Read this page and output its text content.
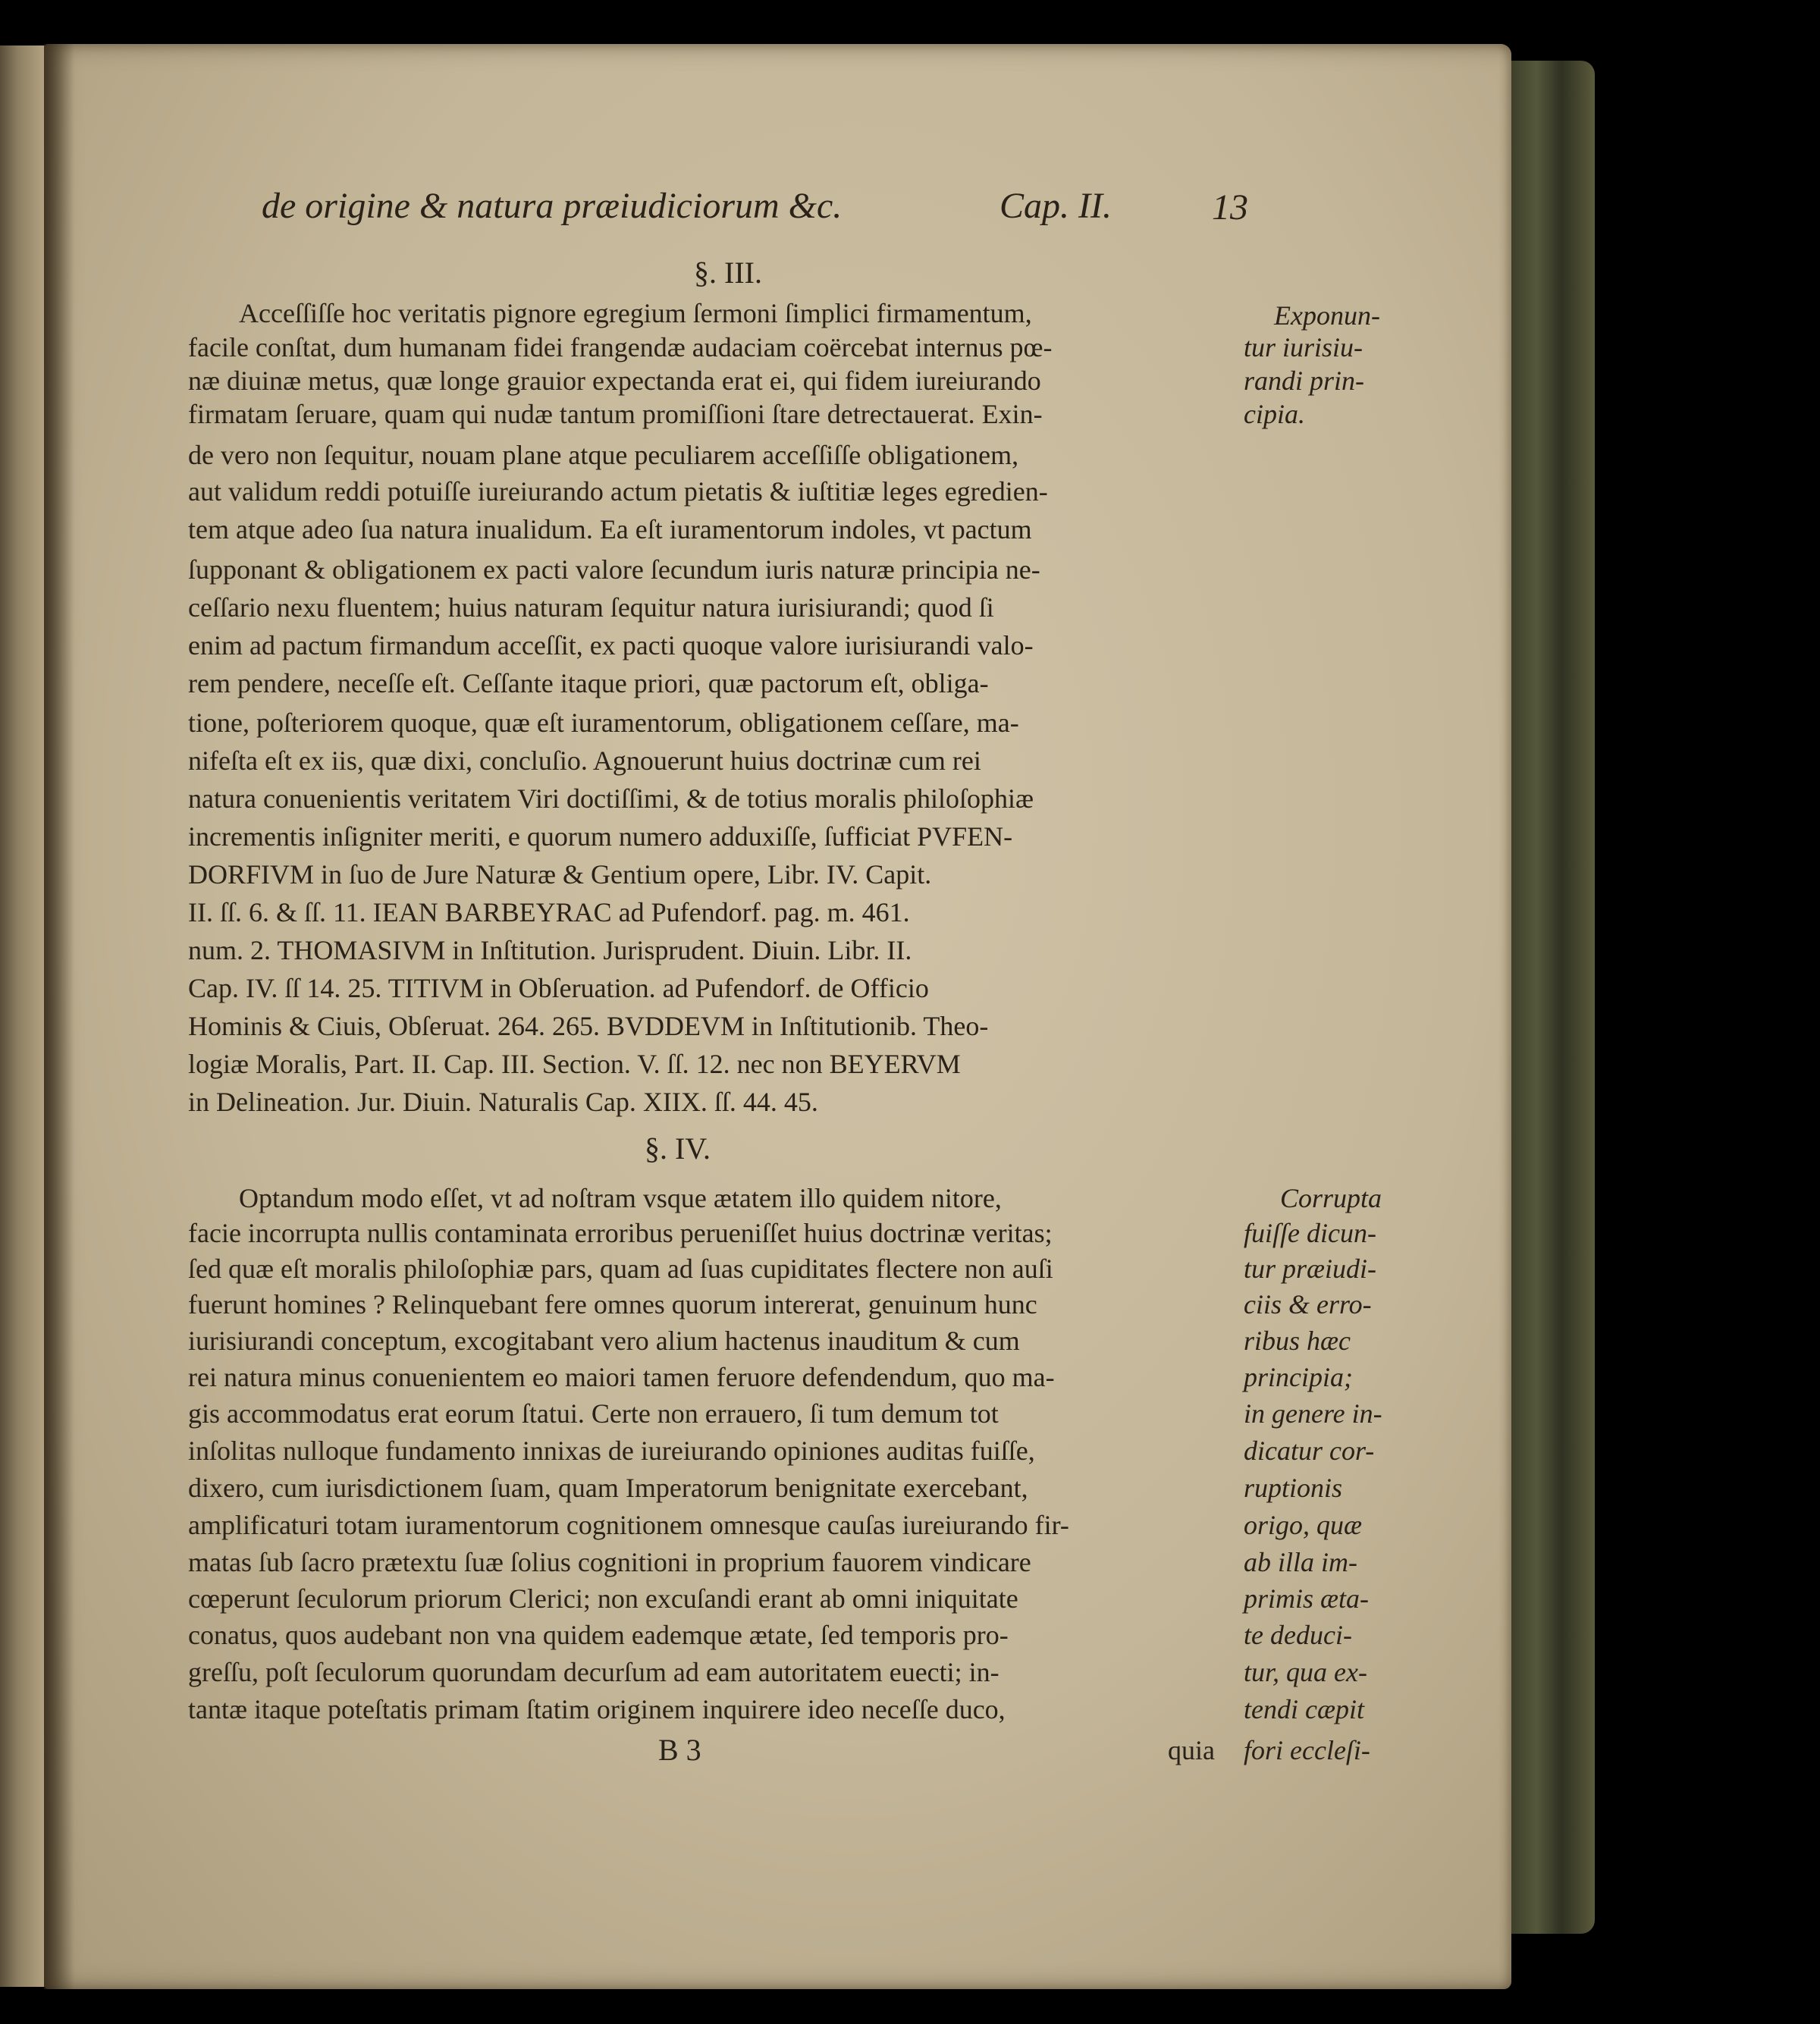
de origine & natura præiudiciorum &c.	Cap. II.	13
§. III.
Acceſſiſſe hoc veritatis pignore egregium ſermoni ſimplici firmamentum,
facile conſtat, dum humanam fidei frangendæ audaciam coërcebat internus pœ-
næ diuinæ metus, quæ longe grauior expectanda erat ei, qui fidem iureiurando
firmatam ſeruare, quam qui nudæ tantum promiſſioni ſtare detrectauerat. Exin-
de vero non ſequitur, nouam plane atque peculiarem acceſſiſſe obligationem,
aut validum reddi potuiſſe iureiurando actum pietatis & iuſtitiæ leges egredien-
tem atque adeo ſua natura inualidum. Ea eſt iuramentorum indoles, vt pactum
ſupponant & obligationem ex pacti valore ſecundum iuris naturæ principia ne-
ceſſario nexu fluentem; huius naturam ſequitur natura iurisiurandi; quod ſi
enim ad pactum firmandum acceſſit, ex pacti quoque valore iurisiurandi valo-
rem pendere, neceſſe eſt. Ceſſante itaque priori, quæ pactorum eſt, obliga-
tione, poſteriorem quoque, quæ eſt iuramentorum, obligationem ceſſare, ma-
nifeſta eſt ex iis, quæ dixi, concluſio. Agnouerunt huius doctrinæ cum rei
natura conuenientis veritatem Viri doctiſſimi, & de totius moralis philoſophiæ
incrementis inſigniter meriti, e quorum numero adduxiſſe, ſufficiat PVFEN-
DORFIVM in ſuo de Jure Naturæ & Gentium opere, Libr. IV. Capit.
II. ſſ. 6. & ſſ. 11. IEAN BARBEYRAC ad Pufendorf. pag. m. 461.
num. 2. THOMASIVM in Inſtitution. Jurisprudent. Diuin. Libr. II.
Cap. IV. ſſ 14. 25. TITIVM in Obſeruation. ad Pufendorf. de Officio
Hominis & Ciuis, Obſeruat. 264. 265. BVDDEVM in Inſtitutionib. Theo-
logiæ Moralis, Part. II. Cap. III. Section. V. ſſ. 12. nec non BEYERVM
in Delineation. Jur. Diuin. Naturalis Cap. XIIX. ſſ. 44. 45.
Exponun-
tur iurisiu-
randi prin-
cipia.
§. IV.
Optandum modo eſſet, vt ad noſtram vsque ætatem illo quidem nitore,
facie incorrupta nullis contaminata erroribus perueniſſet huius doctrinæ veritas;
ſed quæ eſt moralis philoſophiæ pars, quam ad ſuas cupiditates flectere non auſi
fuerunt homines ? Relinquebant fere omnes quorum intererat, genuinum hunc
iurisiurandi conceptum, excogitabant vero alium hactenus inauditum & cum
rei natura minus conuenientem eo maiori tamen feruore defendendum, quo ma-
gis accommodatus erat eorum ſtatui. Certe non errauero, ſi tum demum tot
inſolitas nulloque fundamento innixas de iureiurando opiniones auditas fuiſſe,
dixero, cum iurisdictionem ſuam, quam Imperatorum benignitate exercebant,
amplificaturi totam iuramentorum cognitionem omnesque cauſas iureiurando fir-
matas ſub ſacro prætextu ſuæ ſolius cognitioni in proprium fauorem vindicare
cœperunt ſeculorum priorum Clerici; non excuſandi erant ab omni iniquitate
conatus, quos audebant non vna quidem eademque ætate, ſed temporis pro-
greſſu, poſt ſeculorum quorundam decurſum ad eam autoritatem euecti; in-
tantæ itaque poteſtatis primam ſtatim originem inquirere ideo neceſſe duco,
Corrupta
fuiſſe dicun-
tur præiudi-
ciis & erro-
ribus hæc
principia;
in genere in-
dicatur cor-
ruptionis
origo, quæ
ab illa im-
primis æta-
te deduci-
tur, qua ex-
tendi cæpit
B 3	quia fori eccleſi-
